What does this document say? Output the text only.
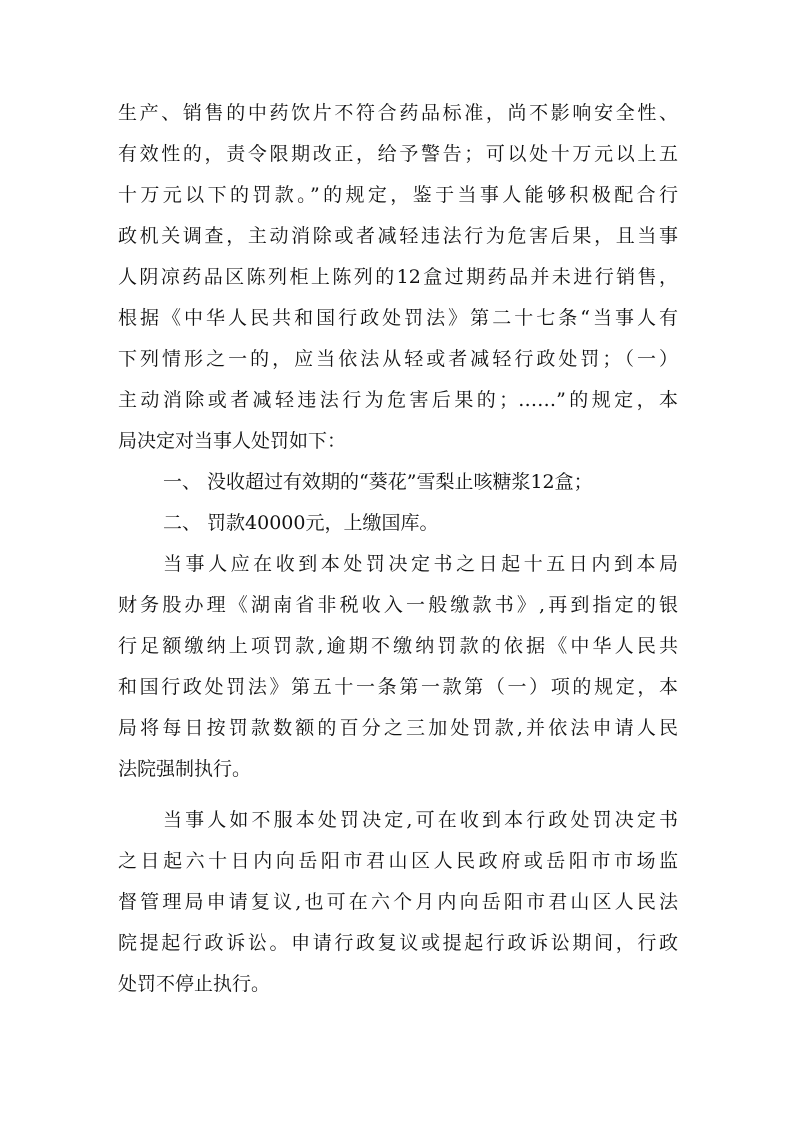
生产、销售的中药饮片不符合药品标准，尚不影响安全性、
有效性的，责令限期改正，给予警告；可以处十万元以上五
十万元以下的罚款。”的规定，鉴于当事人能够积极配合行
政机关调查，主动消除或者减轻违法行为危害后果，且当事
人阴凉药品区陈列柜上陈列的12盒过期药品并未进行销售，
根据《中华人民共和国行政处罚法》第二十七条“当事人有
下列情形之一的，应当依法从轻或者减轻行政处罚；（一）
主动消除或者减轻违法行为危害后果的；……”的规定，本
局决定对当事人处罚如下：
一、 没收超过有效期的“葵花”雪梨止咳糖浆12盒；
二、 罚款40000元，上缴国库。
当事人应在收到本处罚决定书之日起十五日内到本局
财务股办理《湖南省非税收入一般缴款书》,再到指定的银
行足额缴纳上项罚款,逾期不缴纳罚款的依据《中华人民共
和国行政处罚法》第五十一条第一款第（一）项的规定，本
局将每日按罚款数额的百分之三加处罚款,并依法申请人民
法院强制执行。
当事人如不服本处罚决定,可在收到本行政处罚决定书
之日起六十日内向岳阳市君山区人民政府或岳阳市市场监
督管理局申请复议,也可在六个月内向岳阳市君山区人民法
院提起行政诉讼。申请行政复议或提起行政诉讼期间，行政
处罚不停止执行。
